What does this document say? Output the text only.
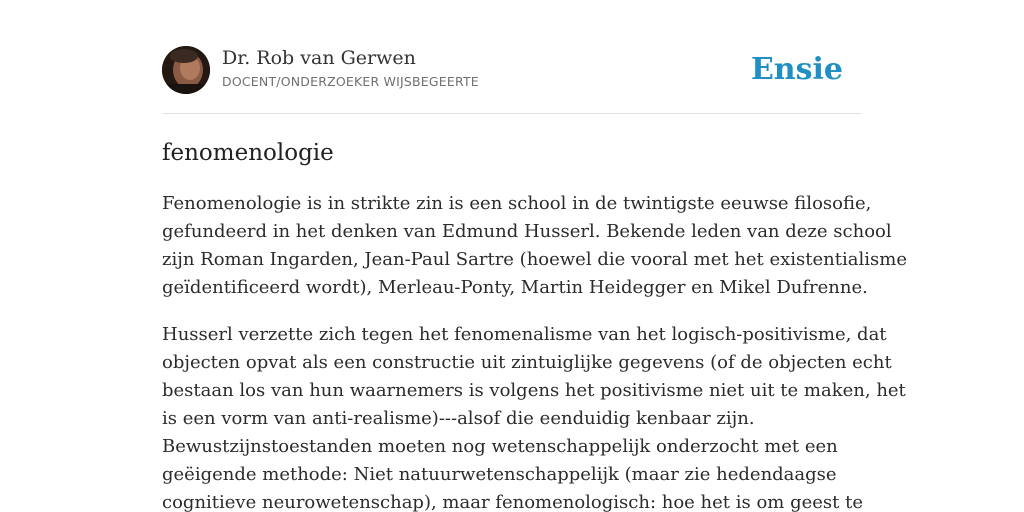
Dr. Rob van Gerwen
DOCENT/ONDERZOEKER WIJSBEGEERTE	Ensie
fenomenologie

Fenomenologie is in strikte zin is een school in de twintigste eeuwse filosofie,
gefundeerd in het denken van Edmund Husserl. Bekende leden van deze school
zijn Roman Ingarden, Jean-Paul Sartre (hoewel die vooral met het existentialisme
geïdentificeerd wordt), Merleau-Ponty, Martin Heidegger en Mikel Dufrenne.

Husserl verzette zich tegen het fenomenalisme van het logisch-positivisme, dat
objecten opvat als een constructie uit zintuiglijke gegevens (of de objecten echt
bestaan los van hun waarnemers is volgens het positivisme niet uit te maken, het
is een vorm van anti-realisme)---alsof die eenduidig kenbaar zijn.
Bewustzijnstoestanden moeten nog wetenschappelijk onderzocht met een
geëigende methode: Niet natuurwetenschappelijk (maar zie hedendaagse
cognitieve neurowetenschap), maar fenomenologisch: hoe het is om geest te
